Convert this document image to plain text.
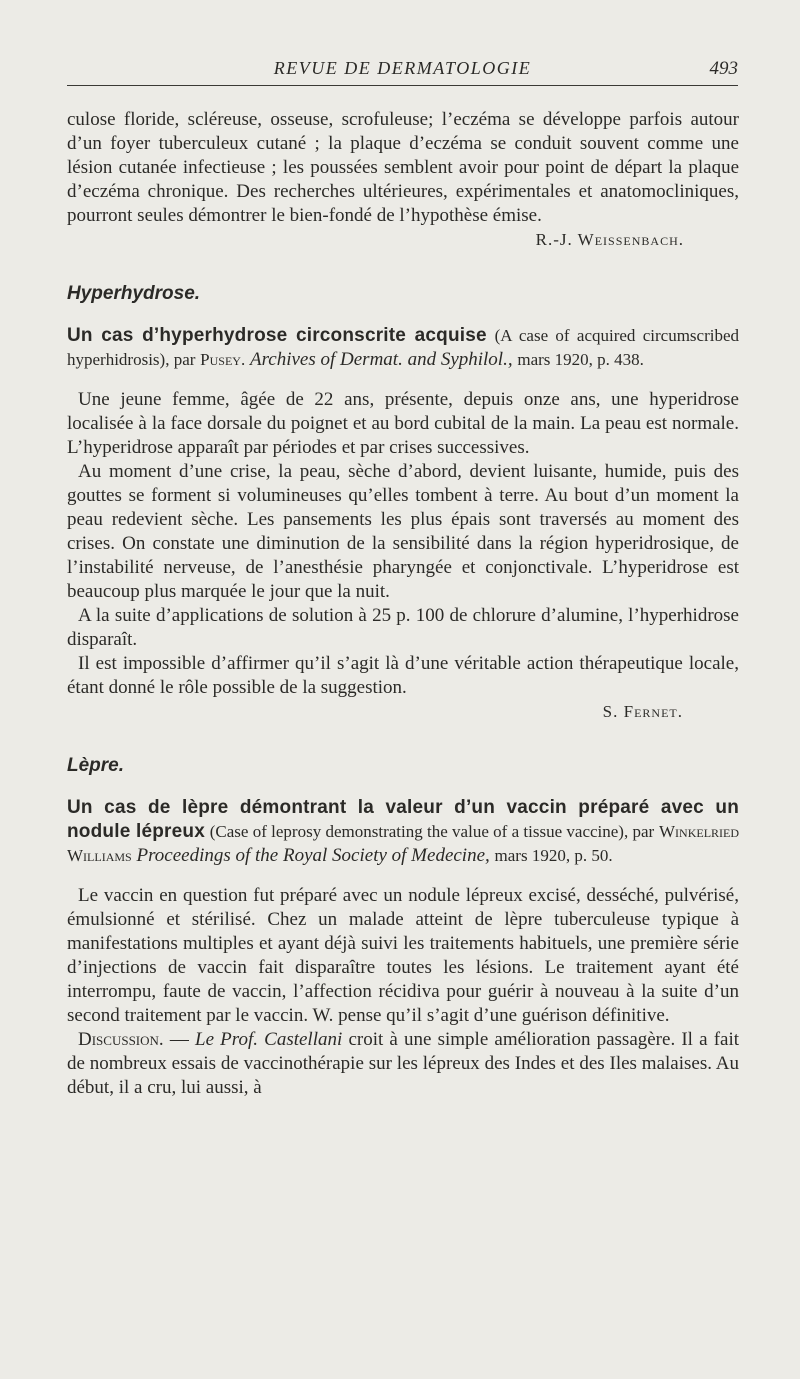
REVUE DE DERMATOLOGIE	493

culose floride, scléreuse, osseuse, scrofuleuse; l’eczéma se développe parfois autour d’un foyer tuberculeux cutané ; la plaque d’eczéma se conduit souvent comme une lésion cutanée infectieuse ; les poussées semblent avoir pour point de départ la plaque d’eczéma chronique. Des recherches ultérieures, expérimentales et anatomocliniques, pourront seules démontrer le bien-fondé de l’hypothèse émise.

R.-J. Weissenbach.
Hyperhydrose.

Un cas d’hyperhydrose circonscrite acquise (A case of acquired circumscribed hyperhidrosis), par Pusey. Archives of Dermat. and Syphilol., mars 1920, p. 438.

Une jeune femme, âgée de 22 ans, présente, depuis onze ans, une hyperidrose localisée à la face dorsale du poignet et au bord cubital de la main. La peau est normale. L’hyperidrose apparaît par périodes et par crises successives.

Au moment d’une crise, la peau, sèche d’abord, devient luisante, humide, puis des gouttes se forment si volumineuses qu’elles tombent à terre. Au bout d’un moment la peau redevient sèche. Les pansements les plus épais sont traversés au moment des crises. On constate une diminution de la sensibilité dans la région hyperidrosique, de l’instabilité nerveuse, de l’anesthésie pharyngée et conjonctivale. L’hyperidrose est beaucoup plus marquée le jour que la nuit.

A la suite d’applications de solution à 25 p. 100 de chlorure d’alumine, l’hyperhidrose disparaît.

Il est impossible d’affirmer qu’il s’agit là d’une véritable action thérapeutique locale, étant donné le rôle possible de la suggestion.

S. Fernet.
Lèpre.

Un cas de lèpre démontrant la valeur d’un vaccin préparé avec un nodule lépreux (Case of leprosy demonstrating the value of a tissue vaccine), par Winkelried Williams Proceedings of the Royal Society of Medecine, mars 1920, p. 50.

Le vaccin en question fut préparé avec un nodule lépreux excisé, desséché, pulvérisé, émulsionné et stérilisé. Chez un malade atteint de lèpre tuberculeuse typique à manifestations multiples et ayant déjà suivi les traitements habituels, une première série d’injections de vaccin fait disparaître toutes les lésions. Le traitement ayant été interrompu, faute de vaccin, l’affection récidiva pour guérir à nouveau à la suite d’un second traitement par le vaccin. W. pense qu’il s’agit d’une guérison définitive.

Discussion. — Le Prof. Castellani croit à une simple amélioration passagère. Il a fait de nombreux essais de vaccinothérapie sur les lépreux des Indes et des Iles malaises. Au début, il a cru, lui aussi, à
